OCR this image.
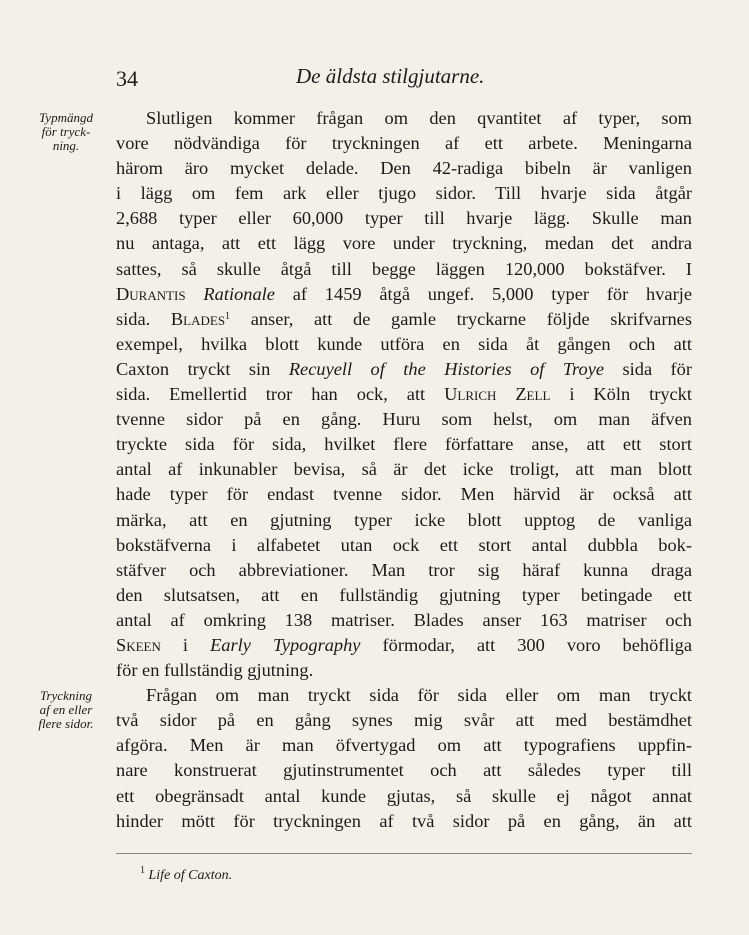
34	De äldsta stilgjutarne.
Typmängd
för tryck-
ning.
Tryckning
af en eller
flere sidor.
Slutligen kommer frågan om den qvantitet af typer, som
vore nödvändiga för tryckningen af ett arbete. Meningarna
härom äro mycket delade. Den 42-radiga bibeln är vanligen
i lägg om fem ark eller tjugo sidor. Till hvarje sida åtgår
2,688 typer eller 60,000 typer till hvarje lägg. Skulle man
nu antaga, att ett lägg vore under tryckning, medan det andra
sattes, så skulle åtgå till begge läggen 120,000 bokstäfver. I
Durantis Rationale af 1459 åtgå ungef. 5,000 typer för hvarje
sida. Blades$^1$ anser, att de gamle tryckarne följde skrifvarnes
exempel, hvilka blott kunde utföra en sida åt gången och att
Caxton tryckt sin Recuyell of the Histories of Troye sida för
sida. Emellertid tror han ock, att Ulrich Zell i Köln tryckt
tvenne sidor på en gång. Huru som helst, om man äfven
tryckte sida för sida, hvilket flere författare anse, att ett stort
antal af inkunabler bevisa, så är det icke troligt, att man blott
hade typer för endast tvenne sidor. Men härvid är också att
märka, att en gjutning typer icke blott upptog de vanliga
bokstäfverna i alfabetet utan ock ett stort antal dubbla bok-
stäfver och abbreviationer. Man tror sig häraf kunna draga
den slutsatsen, att en fullständig gjutning typer betingade ett
antal af omkring 138 matriser. Blades anser 163 matriser och
Skeen i Early Typography förmodar, att 300 voro behöfliga
för en fullständig gjutning.
Frågan om man tryckt sida för sida eller om man tryckt
två sidor på en gång synes mig svår att med bestämdhet
afgöra. Men är man öfvertygad om att typografiens uppfin-
nare konstruerat gjutinstrumentet och att således typer till
ett obegränsadt antal kunde gjutas, så skulle ej något annat
hinder mött för tryckningen af två sidor på en gång, än att
$^1$ Life of Caxton.
